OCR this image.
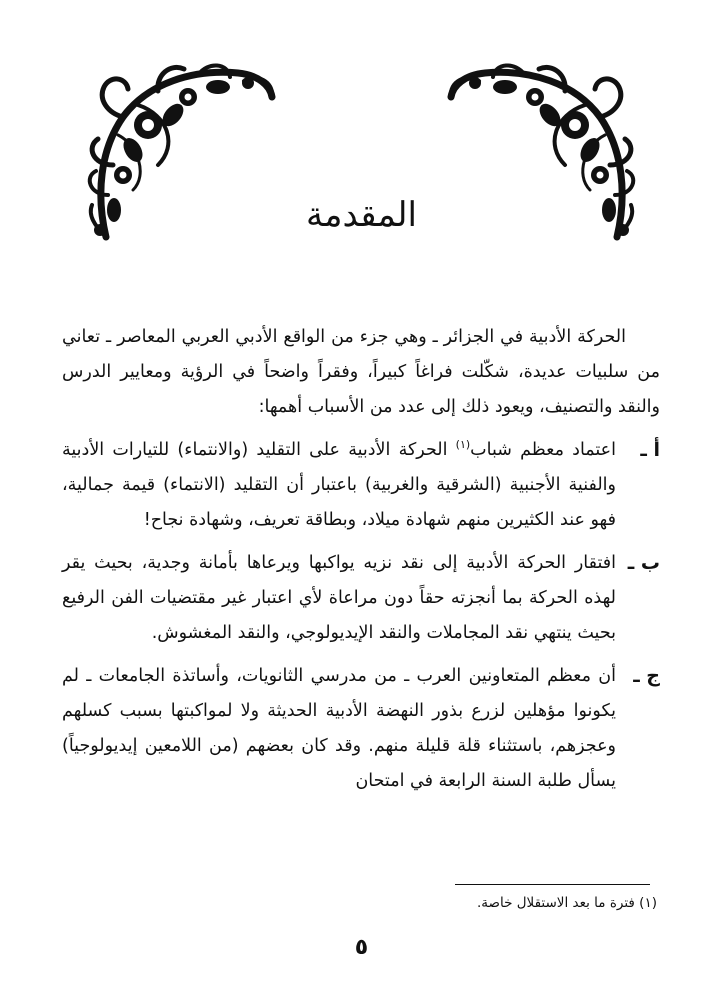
المقدمة

الحركة الأدبية في الجزائر ـ وهي جزء من الواقع الأدبي العربي المعاصر ـ تعاني من سلبيات عديدة، شكّلت فراغاً كبيراً، وفقراً واضحاً في الرؤية ومعايير الدرس والنقد والتصنيف، ويعود ذلك إلى عدد من الأسباب أهمها:

أ ـ
اعتماد معظم شباب$^{(١)}$ الحركة الأدبية على التقليد (والانتماء) للتيارات الأدبية والفنية الأجنبية (الشرقية والغربية) باعتبار أن التقليد (الانتماء) قيمة جمالية، فهو عند الكثيرين منهم شهادة ميلاد، وبطاقة تعريف، وشهادة نجاح!
ب ـ
افتقار الحركة الأدبية إلى نقد نزيه يواكبها ويرعاها بأمانة وجدية، بحيث يقر لهذه الحركة بما أنجزته حقاً دون مراعاة لأي اعتبار غير مقتضيات الفن الرفيع بحيث ينتهي نقد المجاملات والنقد الإيديولوجي، والنقد المغشوش.
ج ـ
أن معظم المتعاونين العرب ـ من مدرسي الثانويات، وأساتذة الجامعات ـ لم يكونوا مؤهلين لزرع بذور النهضة الأدبية الحديثة ولا لمواكبتها بسبب كسلهم وعجزهم، باستثناء قلة قليلة منهم. وقد كان بعضهم (من اللامعين إيديولوجياً) يسأل طلبة السنة الرابعة في امتحان
(١) فترة ما بعد الاستقلال خاصة.
٥
